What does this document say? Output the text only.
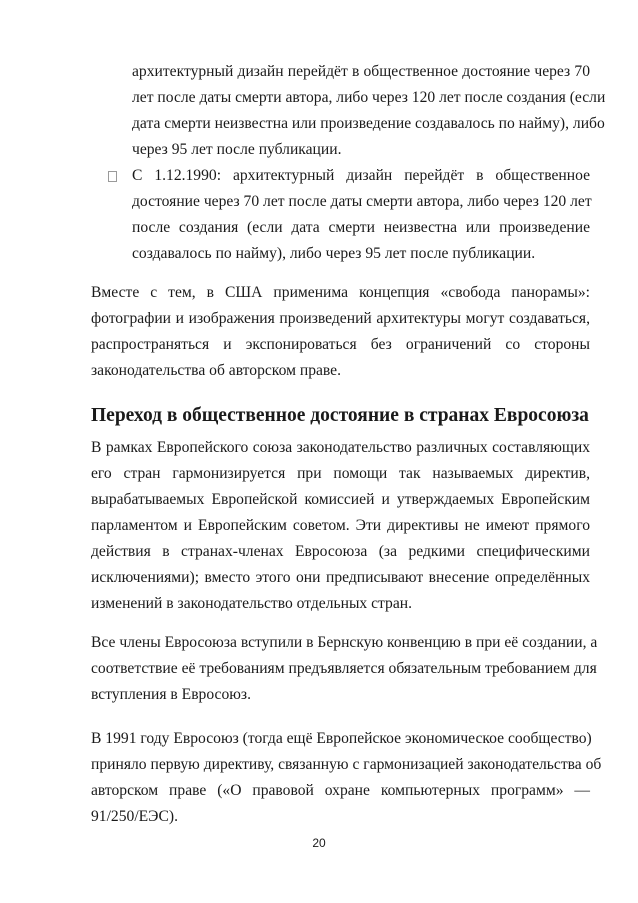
архитектурный дизайн перейдёт в общественное достояние через 70
лет после даты смерти автора, либо через 120 лет после создания (если
дата смерти неизвестна или произведение создавалось по найму), либо
через 95 лет после публикации.
С 1.12.1990: архитектурный дизайн перейдёт в общественное
достояние через 70 лет после даты смерти автора, либо через 120 лет
после создания (если дата смерти неизвестна или произведение
создавалось по найму), либо через 95 лет после публикации.
Вместе с тем, в США применима концепция «свобода панорамы»:
фотографии и изображения произведений архитектуры могут создаваться,
распространяться и экспонироваться без ограничений со стороны
законодательства об авторском праве.
Переход в общественное достояние в странах Евросоюза
В рамках Европейского союза законодательство различных составляющих
его стран гармонизируется при помощи так называемых директив,
вырабатываемых Европейской комиссией и утверждаемых Европейским
парламентом и Европейским советом. Эти директивы не имеют прямого
действия в странах-членах Евросоюза (за редкими специфическими
исключениями); вместо этого они предписывают внесение определённых
изменений в законодательство отдельных стран.
Все члены Евросоюза вступили в Бернскую конвенцию в при её создании, а
соответствие её требованиям предъявляется обязательным требованием для
вступления в Евросоюз.
В 1991 году Евросоюз (тогда ещё Европейское экономическое сообщество)
приняло первую директиву, связанную с гармонизацией законодательства об
авторском праве («О правовой охране компьютерных программ» —
91/250/ЕЭС).
20
